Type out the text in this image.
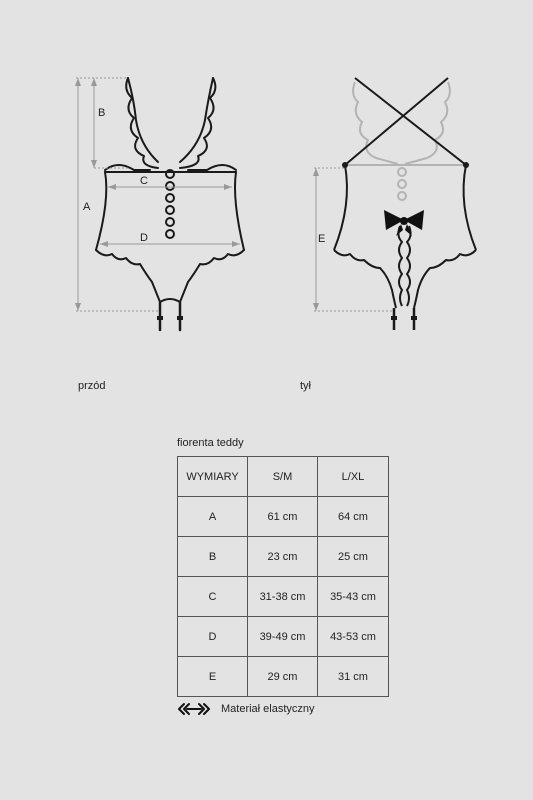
B
A
C
D	E
przód	tył
fiorenta teddy
WYMIARY	S/M	L/XL
A	61 cm	64 cm
B	23 cm	25 cm
C	31-38 cm	35-43 cm
D	39-49 cm	43-53 cm
E	29 cm	31 cm
Materiał elastyczny
